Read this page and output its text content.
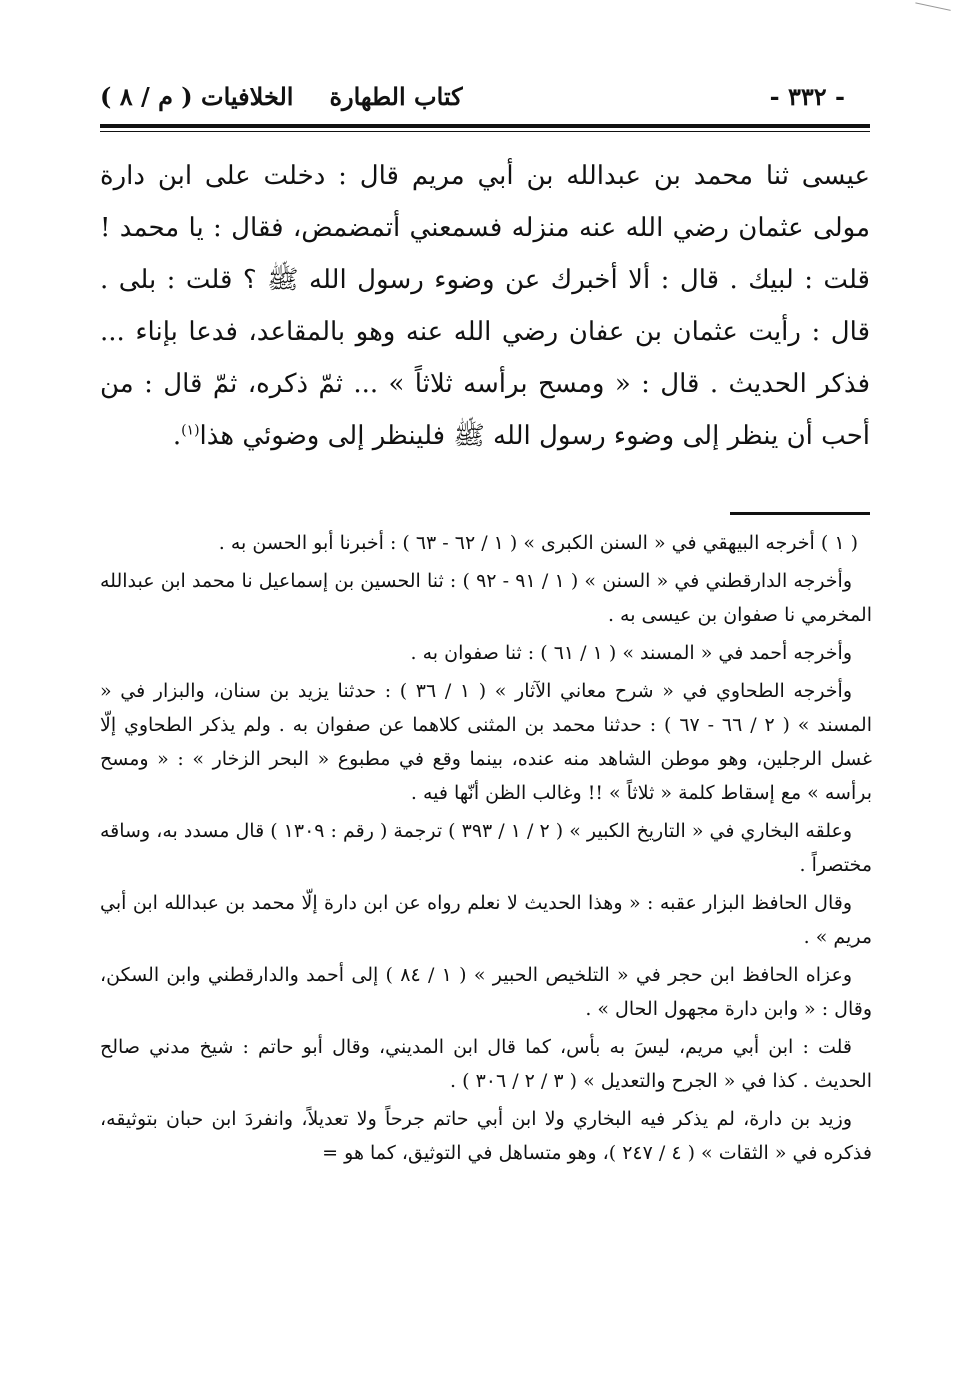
- ٣٣٢ -
كتاب الطهارة
الخلافيات ( م / ٨ )

عيسى ثنا محمد بن عبدالله بن أبي مريم قال : دخلت على ابن دارة مولى عثمان رضي الله عنه منزله فسمعني أتمضمض، فقال : يا محمد ! قلت : لبيك . قال : ألا أخبرك عن وضوء رسول الله ﷺ ؟ قلت : بلى . قال : رأيت عثمان بن عفان رضي الله عنه وهو بالمقاعد، فدعا بإناء ... فذكر الحديث . قال : « ومسح برأسه ثلاثاً » ... ثمّ ذكره، ثمّ قال : من أحب أن ينظر إلى وضوء رسول الله ﷺ فلينظر إلى وضوئي هذا$^{(١)}$.

( ١ ) أخرجه البيهقي في « السنن الكبرى » ( ١ / ٦٢ - ٦٣ ) : أخبرنا أبو الحسن به .

وأخرجه الدارقطني في « السنن » ( ١ / ٩١ - ٩٢ ) : ثنا الحسين بن إسماعيل نا محمد ابن عبدالله المخرمي نا صفوان بن عيسى به .

وأخرجه أحمد في « المسند » ( ١ / ٦١ ) : ثنا صفوان به .

وأخرجه الطحاوي في « شرح معاني الآثار » ( ١ / ٣٦ ) : حدثنا يزيد بن سنان، والبزار في « المسند » ( ٢ / ٦٦ - ٦٧ ) : حدثنا محمد بن المثنى كلاهما عن صفوان به . ولم يذكر الطحاوي إلّا غسل الرجلين، وهو موطن الشاهد منه عنده، بينما وقع في مطبوع « البحر الزخار » : « ومسح برأسه » مع إسقاط كلمة « ثلاثاً » !! وغالب الظن أنّها فيه .

وعلقه البخاري في « التاريخ الكبير » ( ٢ / ١ / ٣٩٣ ) ترجمة ( رقم : ١٣٠٩ ) قال مسدد به، وساقه مختصراً .

وقال الحافظ البزار عقبه : « وهذا الحديث لا نعلم رواه عن ابن دارة إلّا محمد بن عبدالله ابن أبي مريم » .

وعزاه الحافظ ابن حجر في « التلخيص الحبير » ( ١ / ٨٤ ) إلى أحمد والدارقطني وابن السكن، وقال : « وابن دارة مجهول الحال » .

قلت : ابن أبي مريم، ليسَ به بأس، كما قال ابن المديني، وقال أبو حاتم : شيخ مدني صالح الحديث . كذا في « الجرح والتعديل » ( ٣ / ٢ / ٣٠٦ ) .

وزيد بن دارة، لم يذكر فيه البخاري ولا ابن أبي حاتم جرحاً ولا تعديلاً، وانفردَ ابن حبان بتوثيقه، فذكره في « الثقات » ( ٤ / ٢٤٧ )، وهو متساهل في التوثيق، كما هو =
